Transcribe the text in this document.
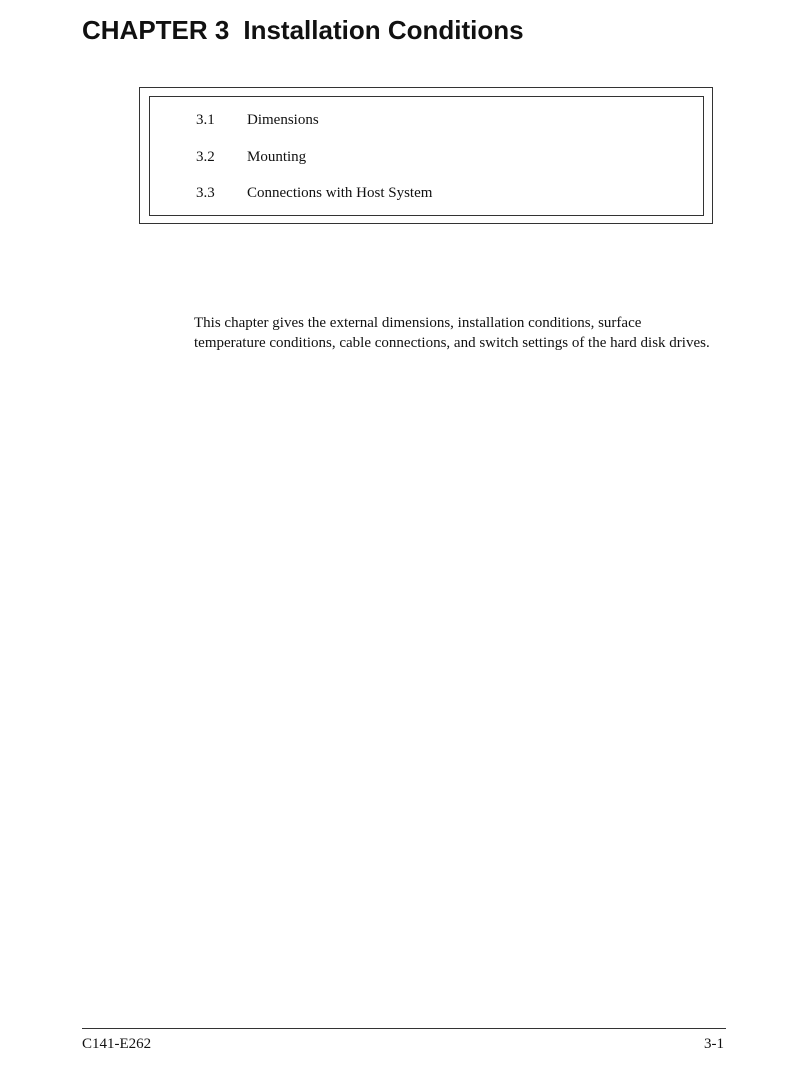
CHAPTER 3 Installation Conditions
3.1 Dimensions
3.2 Mounting
3.3 Connections with Host System

This chapter gives the external dimensions, installation conditions, surface temperature conditions, cable connections, and switch settings of the hard disk drives.

C141-E262	3-1
